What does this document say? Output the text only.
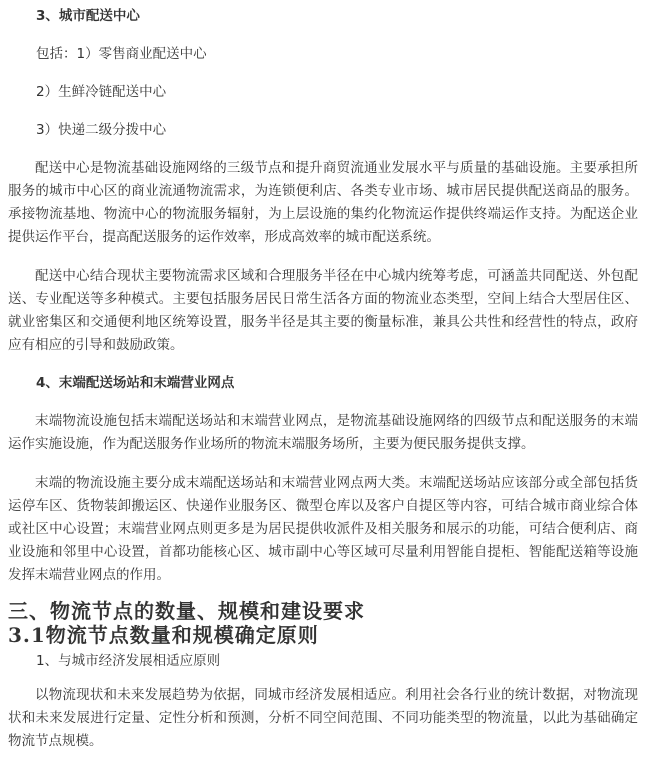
3、城市配送中心
包括：1）零售商业配送中心
2）生鲜冷链配送中心
3）快递二级分拨中心
配送中心是物流基础设施网络的三级节点和提升商贸流通业发展水平与质量的基础设施。主要承担所服务的城市中心区的商业流通物流需求，为连锁便利店、各类专业市场、城市居民提供配送商品的服务。承接物流基地、物流中心的物流服务辐射，为上层设施的集约化物流运作提供终端运作支持。为配送企业提供运作平台，提高配送服务的运作效率，形成高效率的城市配送系统。
配送中心结合现状主要物流需求区域和合理服务半径在中心城内统筹考虑，可涵盖共同配送、外包配送、专业配送等多种模式。主要包括服务居民日常生活各方面的物流业态类型，空间上结合大型居住区、就业密集区和交通便利地区统筹设置，服务半径是其主要的衡量标准，兼具公共性和经营性的特点，政府应有相应的引导和鼓励政策。
4、末端配送场站和末端营业网点
末端物流设施包括末端配送场站和末端营业网点，是物流基础设施网络的四级节点和配送服务的末端运作实施设施，作为配送服务作业场所的物流末端服务场所，主要为便民服务提供支撑。
末端的物流设施主要分成末端配送场站和末端营业网点两大类。末端配送场站应该部分或全部包括货运停车区、货物装卸搬运区、快递作业服务区、微型仓库以及客户自提区等内容，可结合城市商业综合体或社区中心设置；末端营业网点则更多是为居民提供收派件及相关服务和展示的功能，可结合便利店、商业设施和邻里中心设置，首都功能核心区、城市副中心等区域可尽量利用智能自提柜、智能配送箱等设施发挥末端营业网点的作用。
三、物流节点的数量、规模和建设要求
3.1物流节点数量和规模确定原则
1、与城市经济发展相适应原则
以物流现状和未来发展趋势为依据，同城市经济发展相适应。利用社会各行业的统计数据，对物流现状和未来发展进行定量、定性分析和预测，分析不同空间范围、不同功能类型的物流量，以此为基础确定物流节点规模。
